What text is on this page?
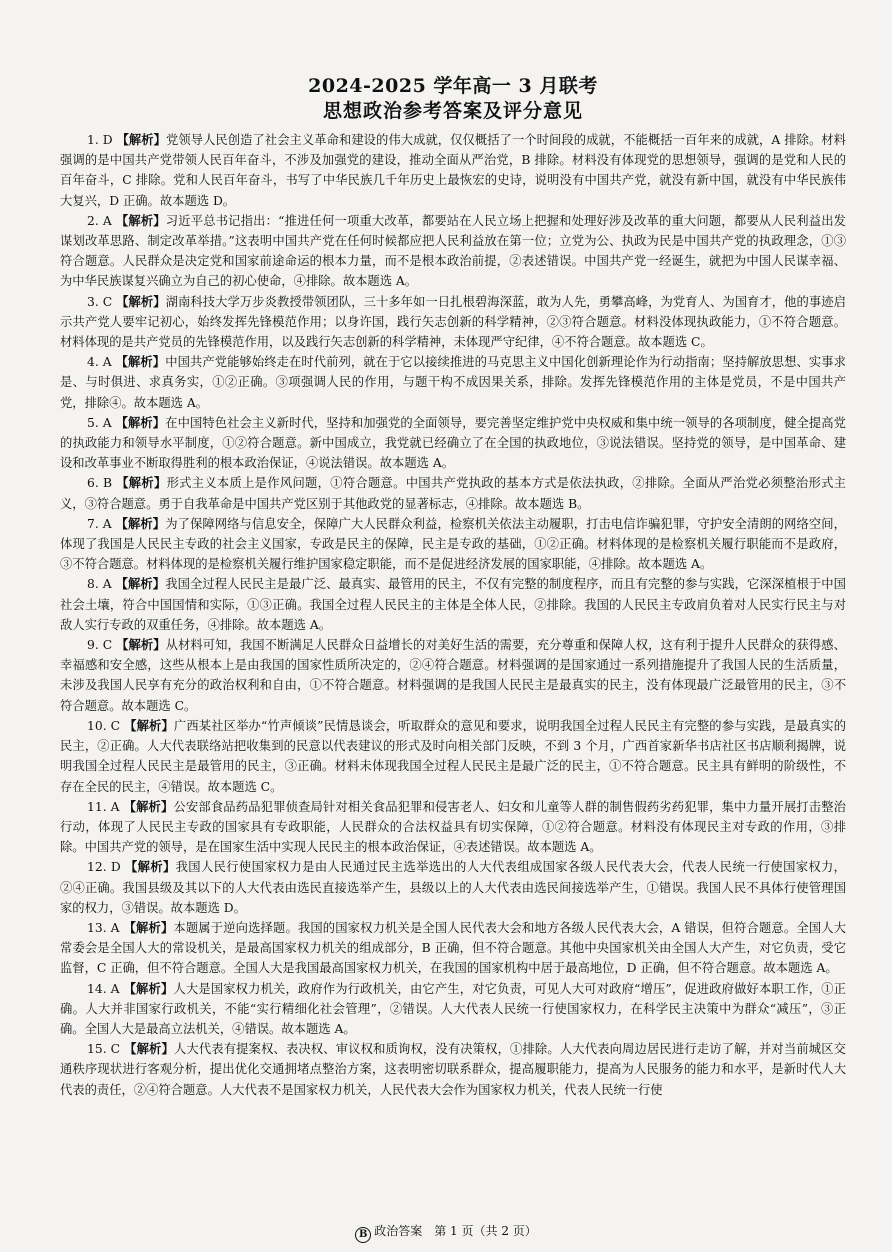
2024-2025 学年高一 3 月联考
思想政治参考答案及评分意见

1. D 【解析】党领导人民创造了社会主义革命和建设的伟大成就，仅仅概括了一个时间段的成就，不能概括一百年来的成就，A 排除。材料强调的是中国共产党带领人民百年奋斗，不涉及加强党的建设，推动全面从严治党，B 排除。材料没有体现党的思想领导，强调的是党和人民的百年奋斗，C 排除。党和人民百年奋斗，书写了中华民族几千年历史上最恢宏的史诗，说明没有中国共产党，就没有新中国，就没有中华民族伟大复兴，D 正确。故本题选 D。

2. A 【解析】习近平总书记指出：“推进任何一项重大改革，都要站在人民立场上把握和处理好涉及改革的重大问题，都要从人民利益出发谋划改革思路、制定改革举措。”这表明中国共产党在任何时候都应把人民利益放在第一位；立党为公、执政为民是中国共产党的执政理念，①③符合题意。人民群众是决定党和国家前途命运的根本力量，而不是根本政治前提，②表述错误。中国共产党一经诞生，就把为中国人民谋幸福、为中华民族谋复兴确立为自己的初心使命，④排除。故本题选 A。

3. C 【解析】湖南科技大学万步炎教授带领团队，三十多年如一日扎根碧海深蓝，敢为人先，勇攀高峰，为党育人、为国育才，他的事迹启示共产党人要牢记初心，始终发挥先锋模范作用；以身许国，践行矢志创新的科学精神，②③符合题意。材料没体现执政能力，①不符合题意。材料体现的是共产党员的先锋模范作用，以及践行矢志创新的科学精神，未体现严守纪律，④不符合题意。故本题选 C。

4. A 【解析】中国共产党能够始终走在时代前列，就在于它以接续推进的马克思主义中国化创新理论作为行动指南；坚持解放思想、实事求是、与时俱进、求真务实，①②正确。③项强调人民的作用，与题干构不成因果关系，排除。发挥先锋模范作用的主体是党员，不是中国共产党，排除④。故本题选 A。

5. A 【解析】在中国特色社会主义新时代，坚持和加强党的全面领导，要完善坚定维护党中央权威和集中统一领导的各项制度，健全提高党的执政能力和领导水平制度，①②符合题意。新中国成立，我党就已经确立了在全国的执政地位，③说法错误。坚持党的领导，是中国革命、建设和改革事业不断取得胜利的根本政治保证，④说法错误。故本题选 A。

6. B 【解析】形式主义本质上是作风问题，①符合题意。中国共产党执政的基本方式是依法执政，②排除。全面从严治党必须整治形式主义，③符合题意。勇于自我革命是中国共产党区别于其他政党的显著标志，④排除。故本题选 B。

7. A 【解析】为了保障网络与信息安全，保障广大人民群众利益，检察机关依法主动履职，打击电信诈骗犯罪，守护安全清朗的网络空间，体现了我国是人民民主专政的社会主义国家，专政是民主的保障，民主是专政的基础，①②正确。材料体现的是检察机关履行职能而不是政府，③不符合题意。材料体现的是检察机关履行维护国家稳定职能，而不是促进经济发展的国家职能，④排除。故本题选 A。

8. A 【解析】我国全过程人民民主是最广泛、最真实、最管用的民主，不仅有完整的制度程序，而且有完整的参与实践，它深深植根于中国社会土壤，符合中国国情和实际，①③正确。我国全过程人民民主的主体是全体人民，②排除。我国的人民民主专政肩负着对人民实行民主与对敌人实行专政的双重任务，④排除。故本题选 A。

9. C 【解析】从材料可知，我国不断满足人民群众日益增长的对美好生活的需要，充分尊重和保障人权，这有利于提升人民群众的获得感、幸福感和安全感，这些从根本上是由我国的国家性质所决定的，②④符合题意。材料强调的是国家通过一系列措施提升了我国人民的生活质量，未涉及我国人民享有充分的政治权利和自由，①不符合题意。材料强调的是我国人民民主是最真实的民主，没有体现最广泛最管用的民主，③不符合题意。故本题选 C。

10. C 【解析】广西某社区举办“竹声倾谈”民情恳谈会，听取群众的意见和要求，说明我国全过程人民民主有完整的参与实践，是最真实的民主，②正确。人大代表联络站把收集到的民意以代表建议的形式及时向相关部门反映，不到 3 个月，广西首家新华书店社区书店顺利揭牌，说明我国全过程人民民主是最管用的民主，③正确。材料未体现我国全过程人民民主是最广泛的民主，①不符合题意。民主具有鲜明的阶级性，不存在全民的民主，④错误。故本题选 C。

11. A 【解析】公安部食品药品犯罪侦查局针对相关食品犯罪和侵害老人、妇女和儿童等人群的制售假药劣药犯罪，集中力量开展打击整治行动，体现了人民民主专政的国家具有专政职能，人民群众的合法权益具有切实保障，①②符合题意。材料没有体现民主对专政的作用，③排除。中国共产党的领导，是在国家生活中实现人民民主的根本政治保证，④表述错误。故本题选 A。

12. D 【解析】我国人民行使国家权力是由人民通过民主选举选出的人大代表组成国家各级人民代表大会，代表人民统一行使国家权力，②④正确。我国县级及其以下的人大代表由选民直接选举产生，县级以上的人大代表由选民间接选举产生，①错误。我国人民不具体行使管理国家的权力，③错误。故本题选 D。

13. A 【解析】本题属于逆向选择题。我国的国家权力机关是全国人民代表大会和地方各级人民代表大会，A 错误，但符合题意。全国人大常委会是全国人大的常设机关，是最高国家权力机关的组成部分，B 正确，但不符合题意。其他中央国家机关由全国人大产生，对它负责，受它监督，C 正确，但不符合题意。全国人大是我国最高国家权力机关，在我国的国家机构中居于最高地位，D 正确，但不符合题意。故本题选 A。

14. A 【解析】人大是国家权力机关，政府作为行政机关，由它产生，对它负责，可见人大可对政府“增压”，促进政府做好本职工作，①正确。人大并非国家行政机关，不能“实行精细化社会管理”，②错误。人大代表人民统一行使国家权力，在科学民主决策中为群众“减压”，③正确。全国人大是最高立法机关，④错误。故本题选 A。

15. C 【解析】人大代表有提案权、表决权、审议权和质询权，没有决策权，①排除。人大代表向周边居民进行走访了解，并对当前城区交通秩序现状进行客观分析，提出优化交通拥堵点整治方案，这表明密切联系群众，提高履职能力，提高为人民服务的能力和水平，是新时代人大代表的责任，②④符合题意。人大代表不是国家权力机关，人民代表大会作为国家权力机关，代表人民统一行使

B 政治答案　第 1 页（共 2 页）
